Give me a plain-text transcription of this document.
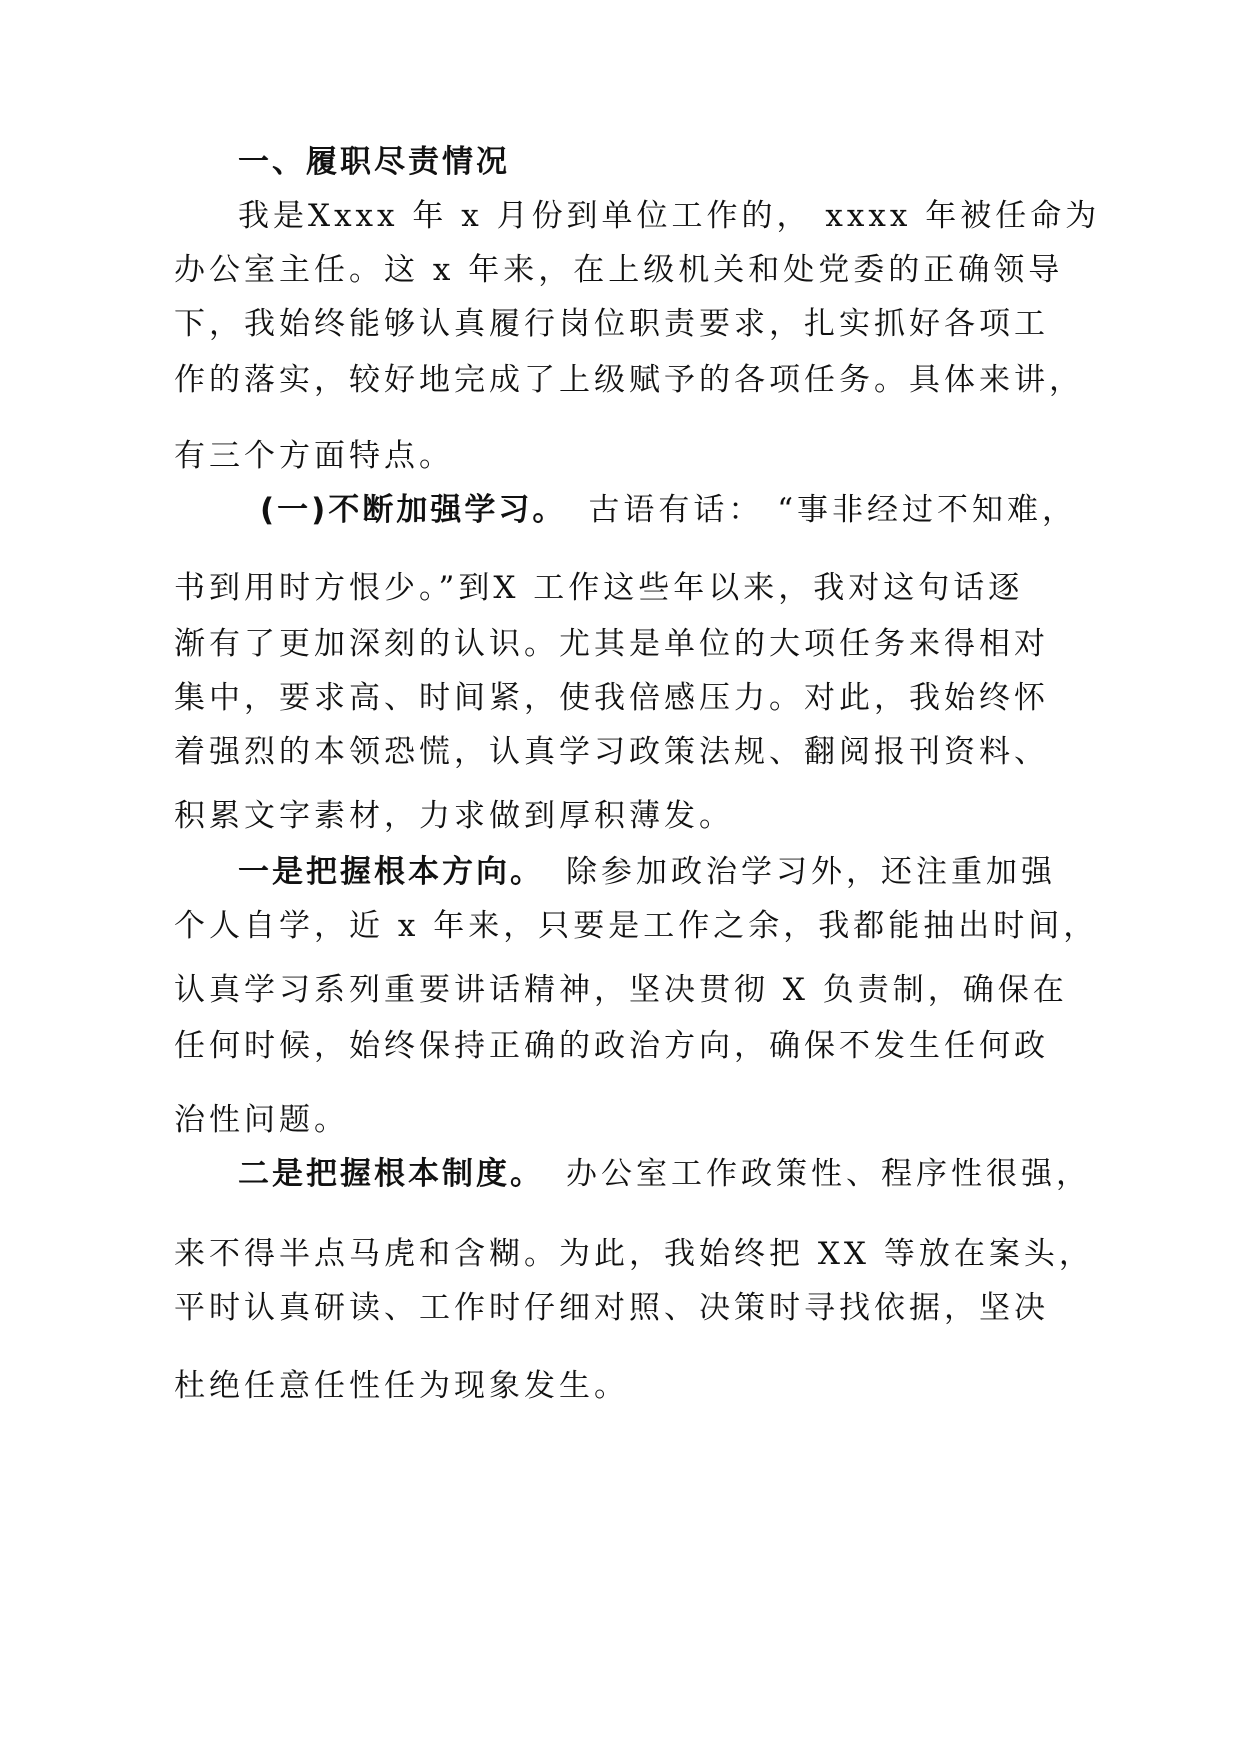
一、履职尽责情况
我是Xxxx 年 x 月份到单位工作的， xxxx 年被任命为
办公室主任。这 x 年来，在上级机关和处党委的正确领导
下，我始终能够认真履行岗位职责要求，扎实抓好各项工
作的落实，较好地完成了上级赋予的各项任务。具体来讲，
有三个方面特点。
(一)不断加强学习。 古语有话： “事非经过不知难，
书到用时方恨少。”到X 工作这些年以来，我对这句话逐
渐有了更加深刻的认识。尤其是单位的大项任务来得相对
集中，要求高、时间紧，使我倍感压力。对此，我始终怀
着强烈的本领恐慌，认真学习政策法规、翻阅报刊资料、
积累文字素材，力求做到厚积薄发。
一是把握根本方向。 除参加政治学习外，还注重加强
个人自学，近 x 年来，只要是工作之余，我都能抽出时间，
认真学习系列重要讲话精神，坚决贯彻 X 负责制，确保在
任何时候，始终保持正确的政治方向，确保不发生任何政
治性问题。
二是把握根本制度。 办公室工作政策性、程序性很强，
来不得半点马虎和含糊。为此，我始终把 XX 等放在案头，
平时认真研读、工作时仔细对照、决策时寻找依据，坚决
杜绝任意任性任为现象发生。
